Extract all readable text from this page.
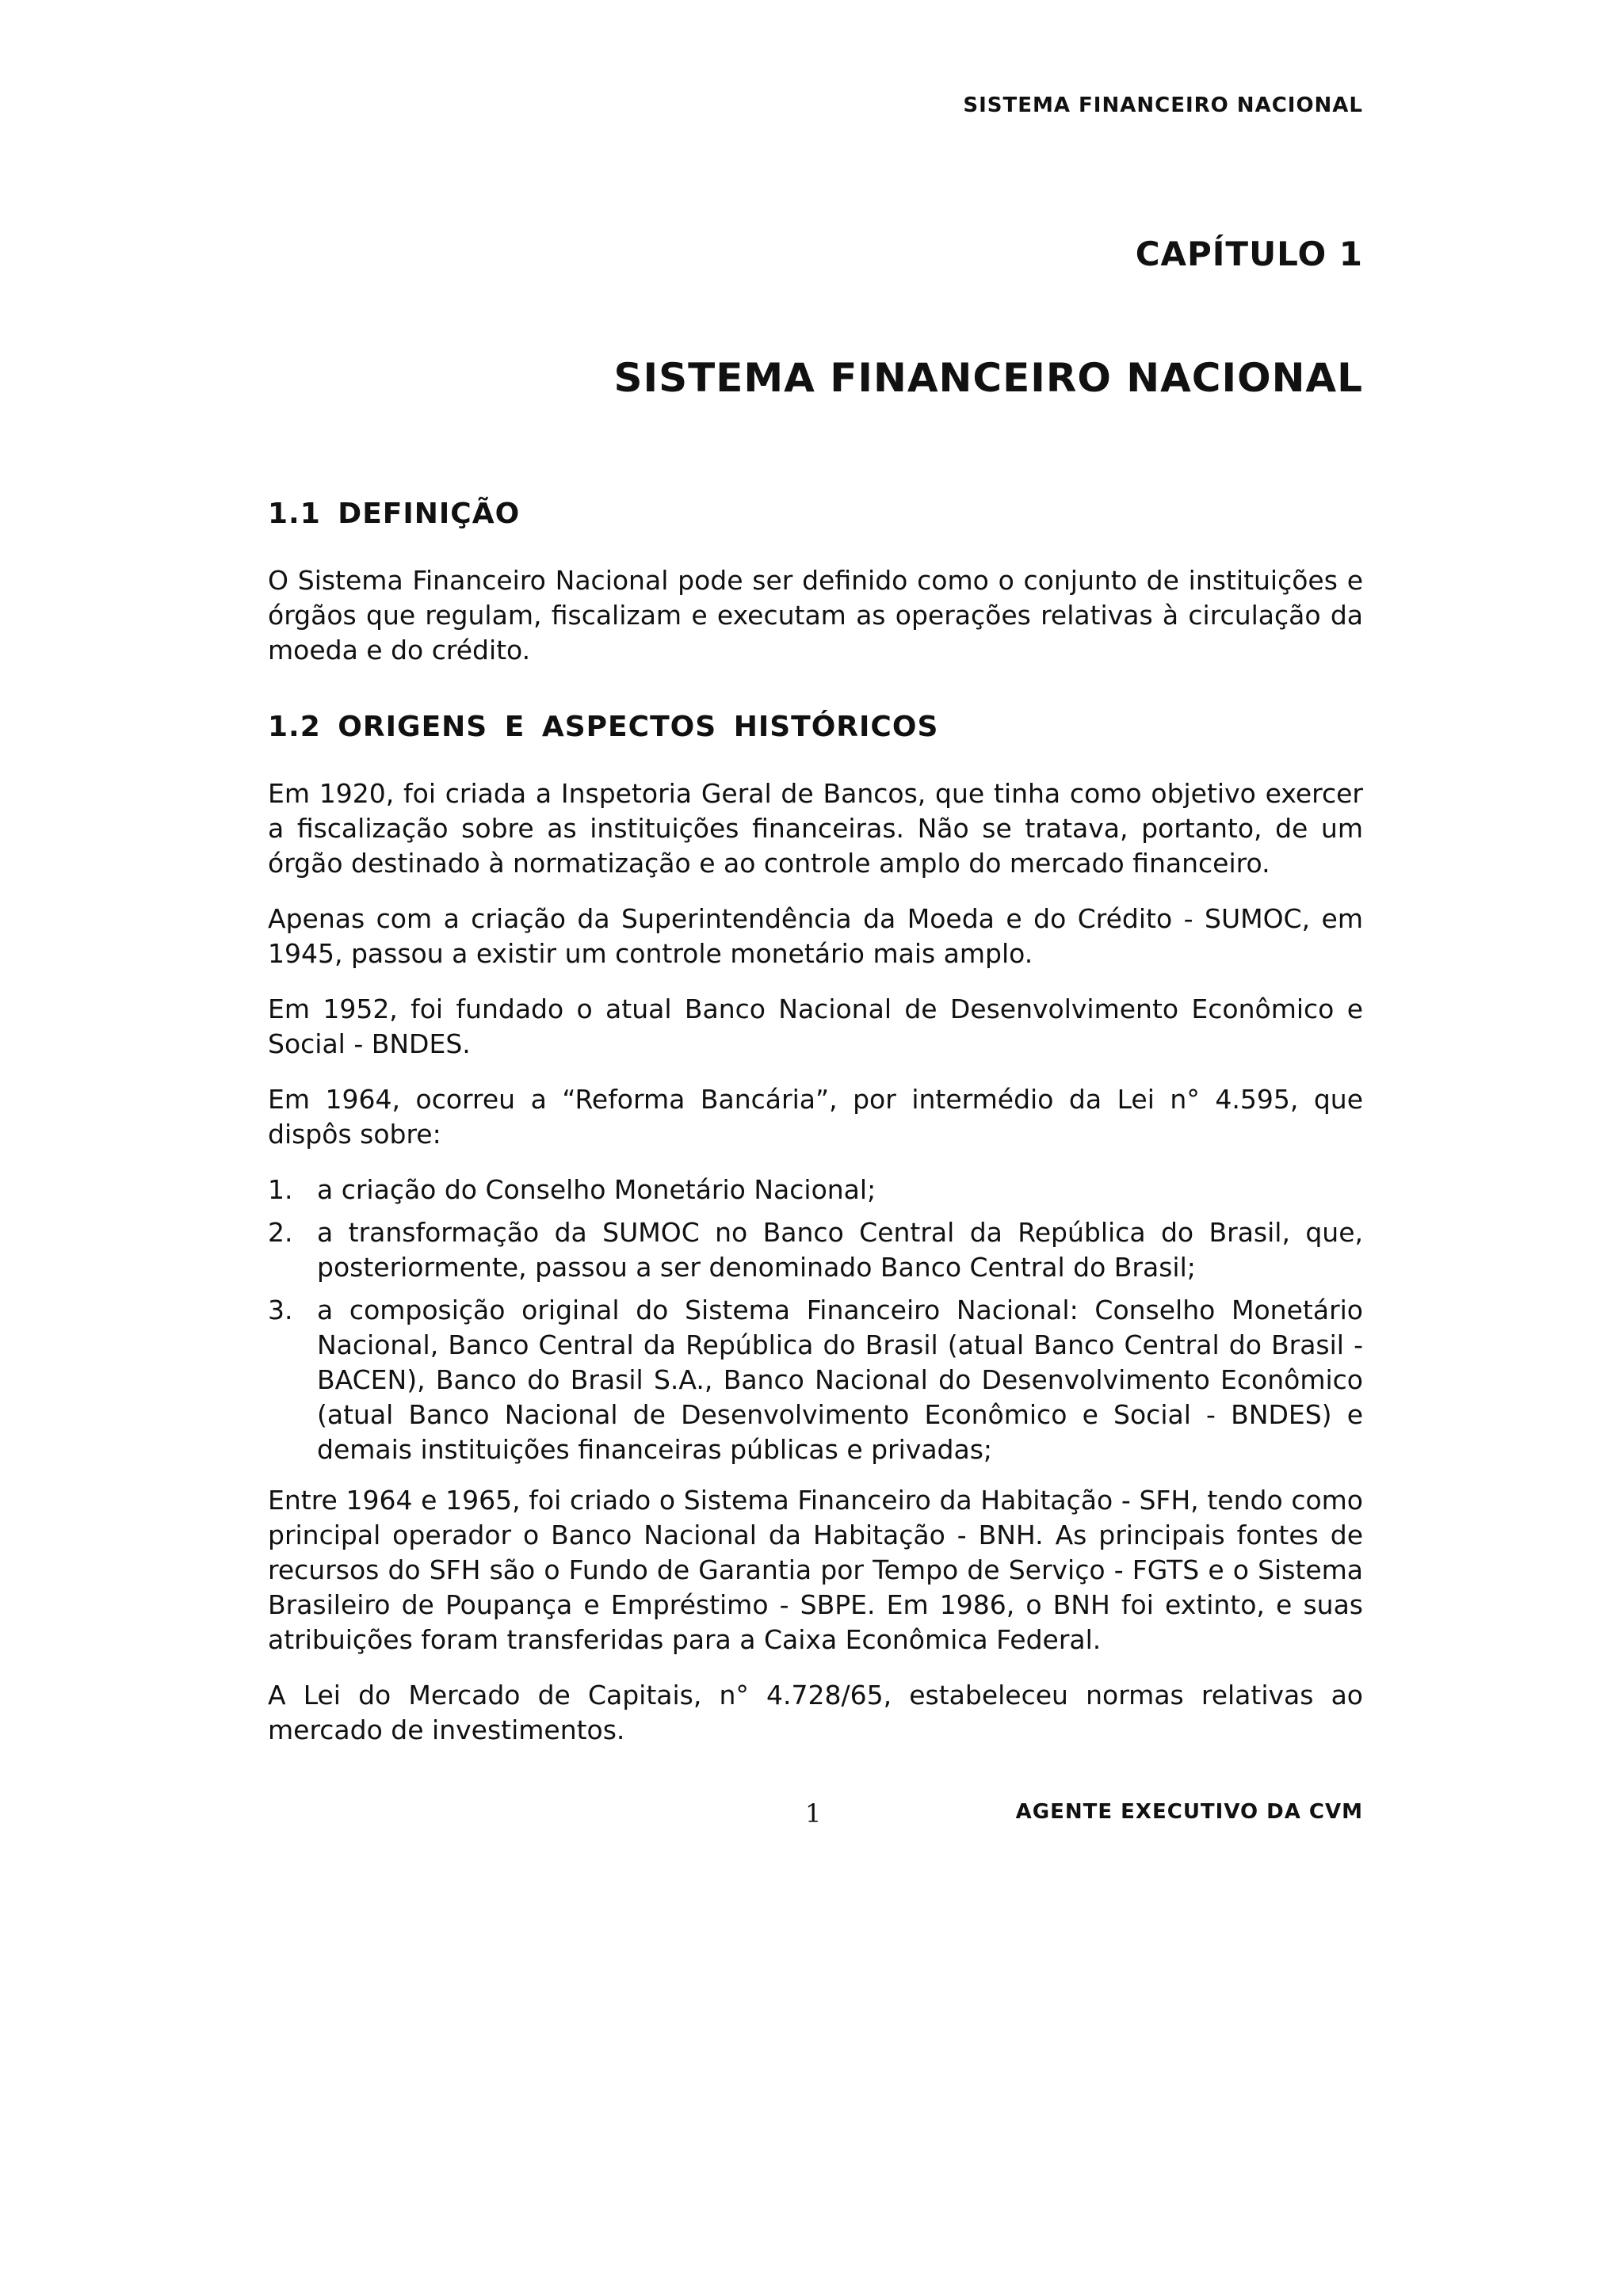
SISTEMA FINANCEIRO NACIONAL
CAPÍTULO 1
SISTEMA FINANCEIRO NACIONAL
1.1 DEFINIÇÃO

O Sistema Financeiro Nacional pode ser definido como o conjunto de instituições e órgãos que regulam, fiscalizam e executam as operações relativas à circulação da moeda e do crédito.

1.2 ORIGENS E ASPECTOS HISTÓRICOS

Em 1920, foi criada a Inspetoria Geral de Bancos, que tinha como objetivo exercer a fiscalização sobre as instituições financeiras. Não se tratava, portanto, de um órgão destinado à normatização e ao controle amplo do mercado financeiro.

Apenas com a criação da Superintendência da Moeda e do Crédito - SUMOC, em 1945, passou a existir um controle monetário mais amplo.

Em 1952, foi fundado o atual Banco Nacional de Desenvolvimento Econômico e Social - BNDES.

Em 1964, ocorreu a “Reforma Bancária”, por intermédio da Lei n° 4.595, que dispôs sobre:

1. a criação do Conselho Monetário Nacional;
2. a transformação da SUMOC no Banco Central da República do Brasil, que, posteriormente, passou a ser denominado Banco Central do Brasil;
3. a composição original do Sistema Financeiro Nacional: Conselho Monetário Nacional, Banco Central da República do Brasil (atual Banco Central do Brasil - BACEN), Banco do Brasil S.A., Banco Nacional do Desenvolvimento Econômico (atual Banco Nacional de Desenvolvimento Econômico e Social - BNDES) e demais instituições financeiras públicas e privadas;

Entre 1964 e 1965, foi criado o Sistema Financeiro da Habitação - SFH, tendo como principal operador o Banco Nacional da Habitação - BNH. As principais fontes de recursos do SFH são o Fundo de Garantia por Tempo de Serviço - FGTS e o Sistema Brasileiro de Poupança e Empréstimo - SBPE. Em 1986, o BNH foi extinto, e suas atribuições foram transferidas para a Caixa Econômica Federal.

A Lei do Mercado de Capitais, n° 4.728/65, estabeleceu normas relativas ao mercado de investimentos.

1	AGENTE EXECUTIVO DA CVM
